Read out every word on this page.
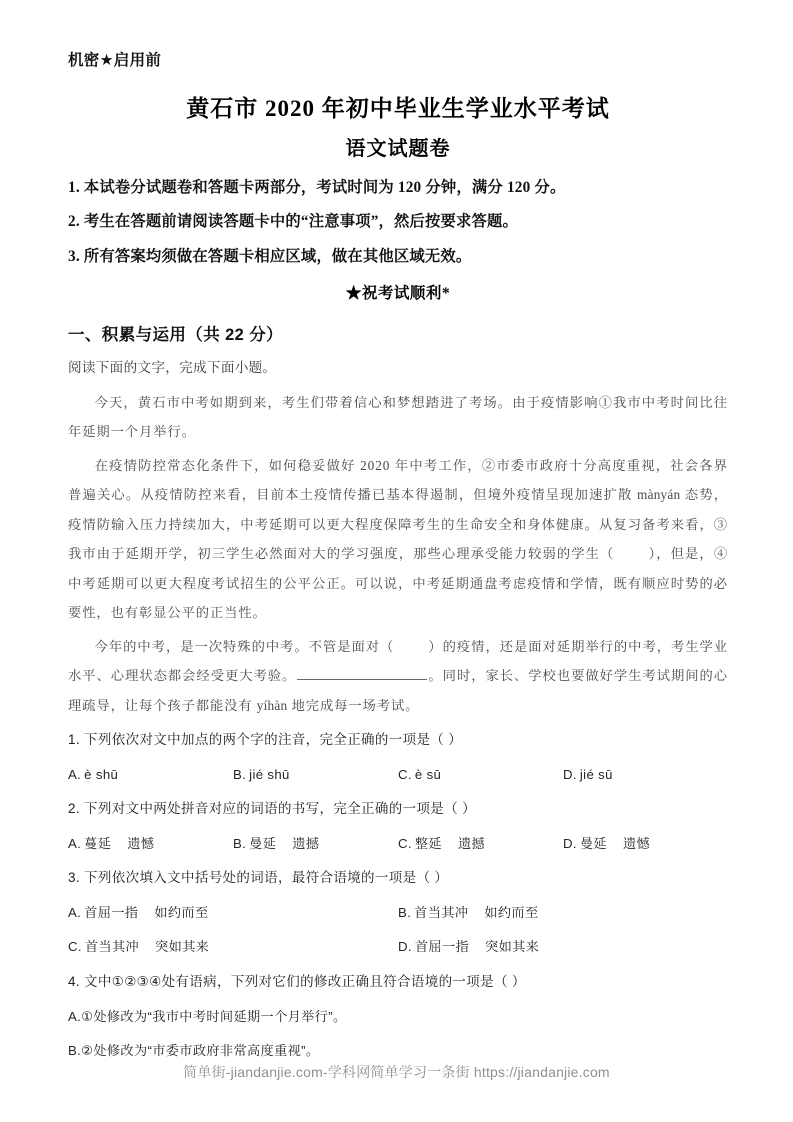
机密★启用前
黄石市 2020 年初中毕业生学业水平考试
语文试题卷
1. 本试卷分试题卷和答题卡两部分，考试时间为 120 分钟，满分 120 分。
2. 考生在答题前请阅读答题卡中的“注意事项”，然后按要求答题。
3. 所有答案均须做在答题卡相应区域，做在其他区域无效。
★祝考试顺利*
一、积累与运用（共 22 分）
阅读下面的文字，完成下面小题。

今天，黄石市中考如期到来，考生们带着信心和梦想踏进了考场。由于疫情影响①我市中考时间比往年延期一个月举行。

在疫情防控常态化条件下，如何稳妥做好 2020 年中考工作，②市委市政府十分高度重视，社会各界普遍关心。从疫情防控来看，目前本土疫情传播已基本得遏制，但境外疫情呈现加速扩散 mànyán 态势，疫情防输入压力持续加大，中考延期可以更大程度保障考生的生命安全和身体健康。从复习备考来看，③我市由于延期开学，初三学生必然面对大的学习强度，那些心理承受能力较弱的学生（	），但是，④中考延期可以更大程度考试招生的公平公正。可以说，中考延期通盘考虑疫情和学情，既有顺应时势的必要性，也有彰显公平的正当性。

今年的中考，是一次特殊的中考。不管是面对（	）的疫情，还是面对延期举行的中考，考生学业水平、心理状态都会经受更大考验。	。同时，家长、学校也要做好学生考试期间的心理疏导，让每个孩子都能没有 yíhàn 地完成每一场考试。

1. 下列依次对文中加点的两个字的注音，完全正确的一项是（ ）
A. è shū	B. jié shū	C. è sū	D. jié sū
2. 下列对文中两处拼音对应的词语的书写，完全正确的一项是（ ）
A. 蔓延 遗憾	B. 曼延 遗撼	C. 整延 遗撼	D. 曼延 遗憾
3. 下列依次填入文中括号处的词语，最符合语境的一项是（ ）
A. 首屈一指 如约而至	B. 首当其冲 如约而至
C. 首当其冲 突如其来	D. 首屈一指 突如其来
4. 文中①②③④处有语病，下列对它们的修改正确且符合语境的一项是（ ）
A.①处修改为“我市中考时间延期一个月举行”。
B.②处修改为“市委市政府非常高度重视”。
简单街-jiandanjie.com-学科网简单学习一条街 https://jiandanjie.com
